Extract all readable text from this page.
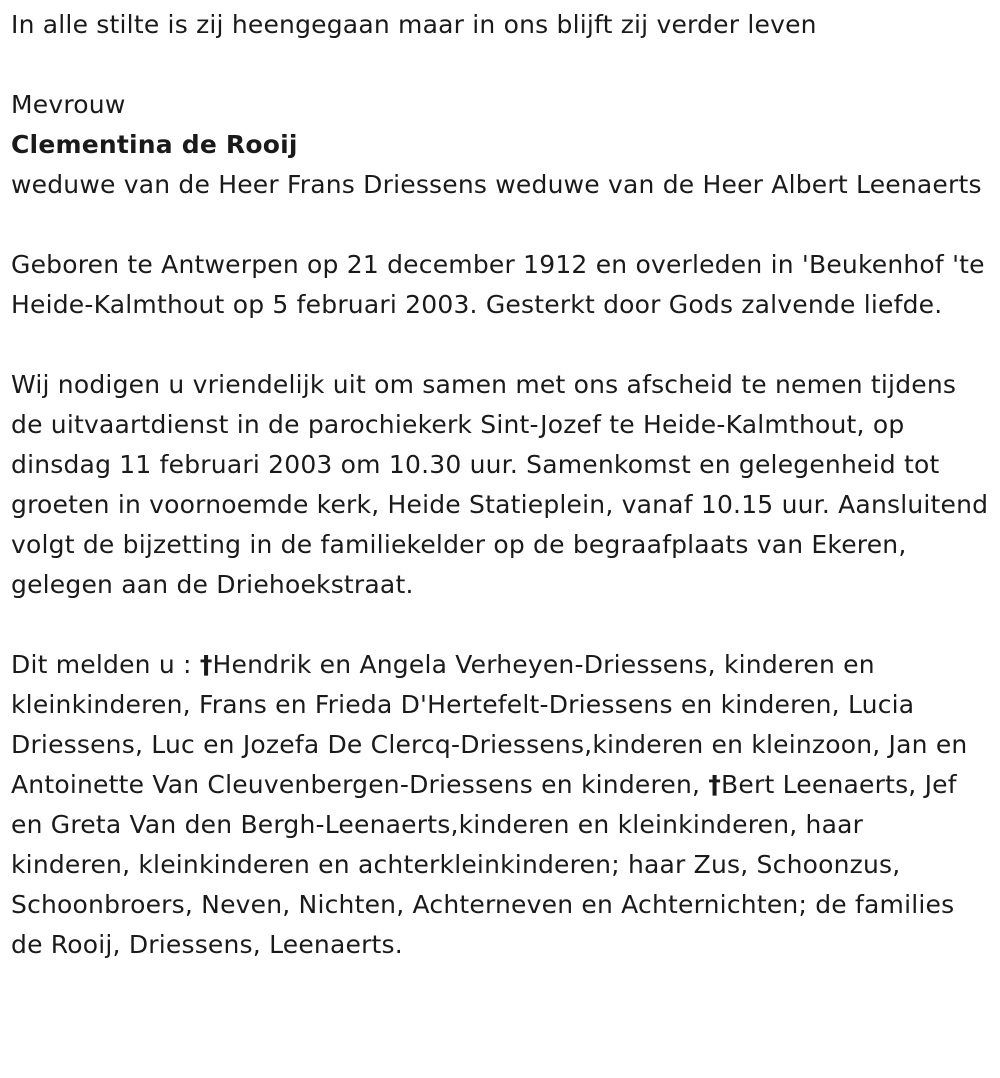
In alle stilte is zij heengegaan maar in ons blijft zij verder leven

Mevrouw

Clementina de Rooij

weduwe van de Heer Frans Driessens weduwe van de Heer Albert Leenaerts

Geboren te Antwerpen op 21 december 1912 en overleden in 'Beukenhof 'te Heide-Kalmthout op 5 februari 2003. Gesterkt door Gods zalvende liefde.

Wij nodigen u vriendelijk uit om samen met ons afscheid te nemen tijdens de uitvaartdienst in de parochiekerk Sint-Jozef te Heide-Kalmthout, op dinsdag 11 februari 2003 om 10.30 uur. Samenkomst en gelegenheid tot groeten in voornoemde kerk, Heide Statieplein, vanaf 10.15 uur. Aansluitend volgt de bijzetting in de familiekelder op de begraafplaats van Ekeren, gelegen aan de Driehoekstraat.

Dit melden u : †Hendrik en Angela Verheyen-Driessens, kinderen en kleinkinderen, Frans en Frieda D'Hertefelt-Driessens en kinderen, Lucia Driessens, Luc en Jozefa De Clercq-Driessens,kinderen en kleinzoon, Jan en Antoinette Van Cleuvenbergen-Driessens en kinderen, †Bert Leenaerts, Jef en Greta Van den Bergh-Leenaerts,kinderen en kleinkinderen, haar kinderen, kleinkinderen en achterkleinkinderen; haar Zus, Schoonzus, Schoonbroers, Neven, Nichten, Achterneven en Achternichten; de families de Rooij, Driessens, Leenaerts.
